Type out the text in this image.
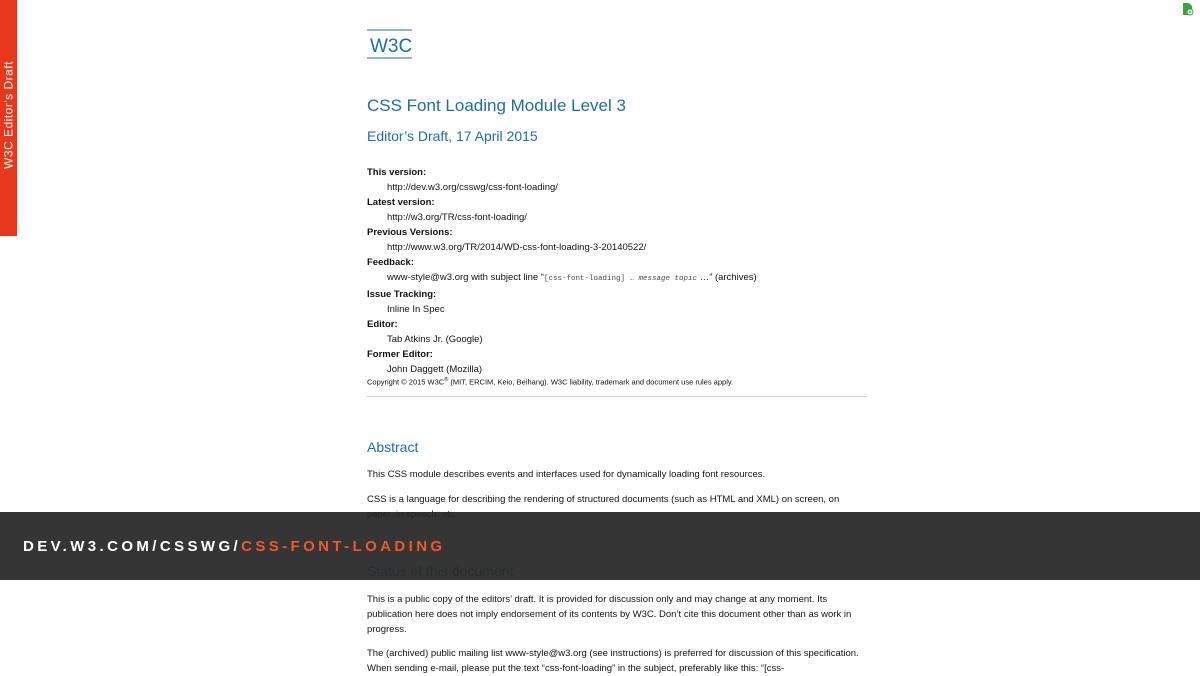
W3C Editor's Draft
W3C
CSS Font Loading Module Level 3
Editor’s Draft, 17 April 2015
This version:
http://dev.w3.org/csswg/css-font-loading/
Latest version:
http://w3.org/TR/css-font-loading/
Previous Versions:
http://www.w3.org/TR/2014/WD-css-font-loading-3-20140522/
Feedback:
www-style@w3.org with subject line “[css-font-loading] … message topic …” (archives)
Issue Tracking:
Inline In Spec
Editor:
Tab Atkins Jr. (Google)
Former Editor:
John Daggett (Mozilla)
Copyright © 2015 W3C® (MIT, ERCIM, Keio, Beihang). W3C liability, trademark and document use rules apply.
Abstract
This CSS module describes events and interfaces used for dynamically loading font resources.
CSS is a language for describing the rendering of structured documents (such as HTML and XML) on screen, on
This is a public copy of the editors’ draft. It is provided for discussion only and may change at any moment. Its publication here does not imply endorsement of its contents by W3C. Don’t cite this document other than as work in progress.
The (archived) public mailing list www-style@w3.org (see instructions) is preferred for discussion of this specification. When sending e-mail, please put the text “css-font-loading” in the subject, preferably like this: “[css-
DEV.W3.COM/CSSWG/CSS-FONT-LOADING
